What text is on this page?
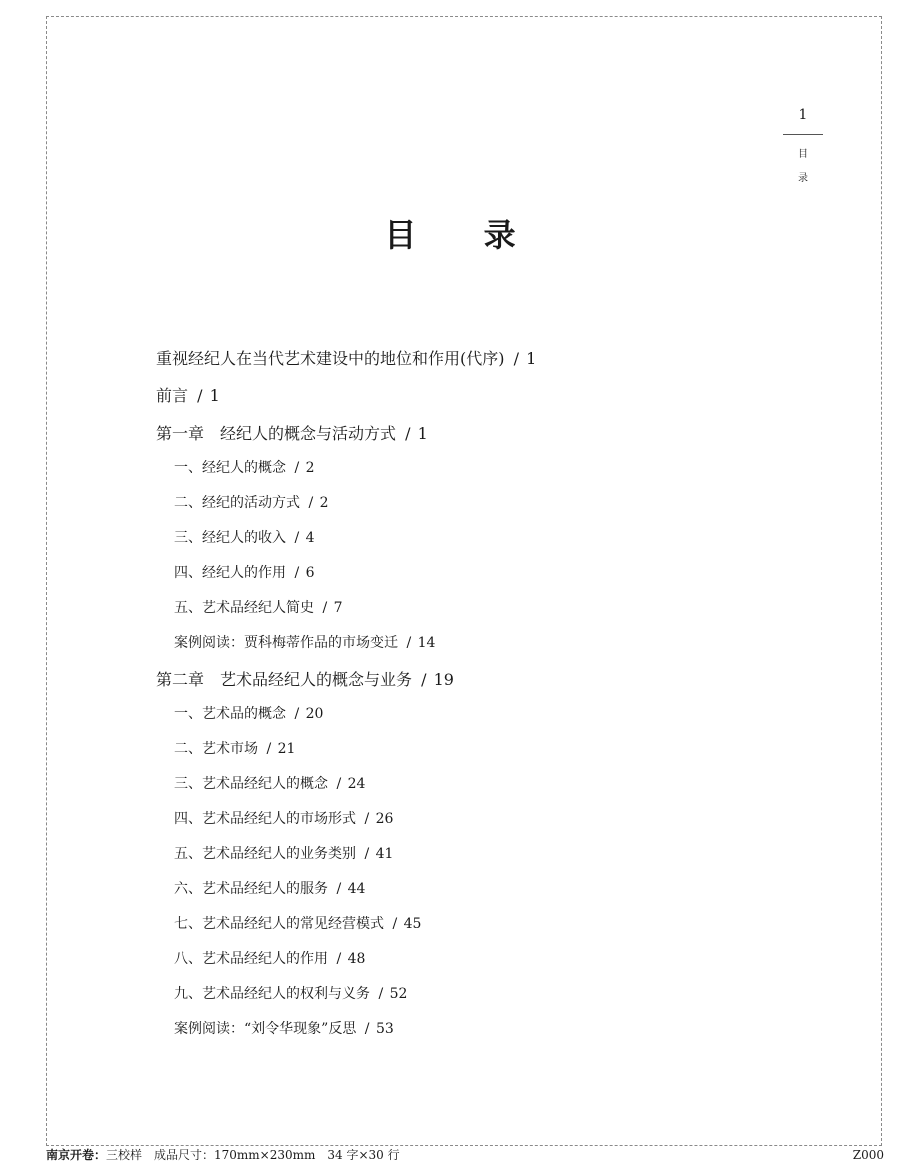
1
目
录
目 录
重视经纪人在当代艺术建设中的地位和作用(代序) / 1
前言 / 1
第一章　经纪人的概念与活动方式 / 1
一、经纪人的概念 / 2
二、经纪的活动方式 / 2
三、经纪人的收入 / 4
四、经纪人的作用 / 6
五、艺术品经纪人简史 / 7
案例阅读：贾科梅蒂作品的市场变迁 / 14
第二章　艺术品经纪人的概念与业务 / 19
一、艺术品的概念 / 20
二、艺术市场 / 21
三、艺术品经纪人的概念 / 24
四、艺术品经纪人的市场形式 / 26
五、艺术品经纪人的业务类别 / 41
六、艺术品经纪人的服务 / 44
七、艺术品经纪人的常见经营模式 / 45
八、艺术品经纪人的作用 / 48
九、艺术品经纪人的权利与义务 / 52
案例阅读：“刘令华现象”反思 / 53
南京开卷：三校样　成品尺寸：170mm×230mm　34 字×30 行	Z000
